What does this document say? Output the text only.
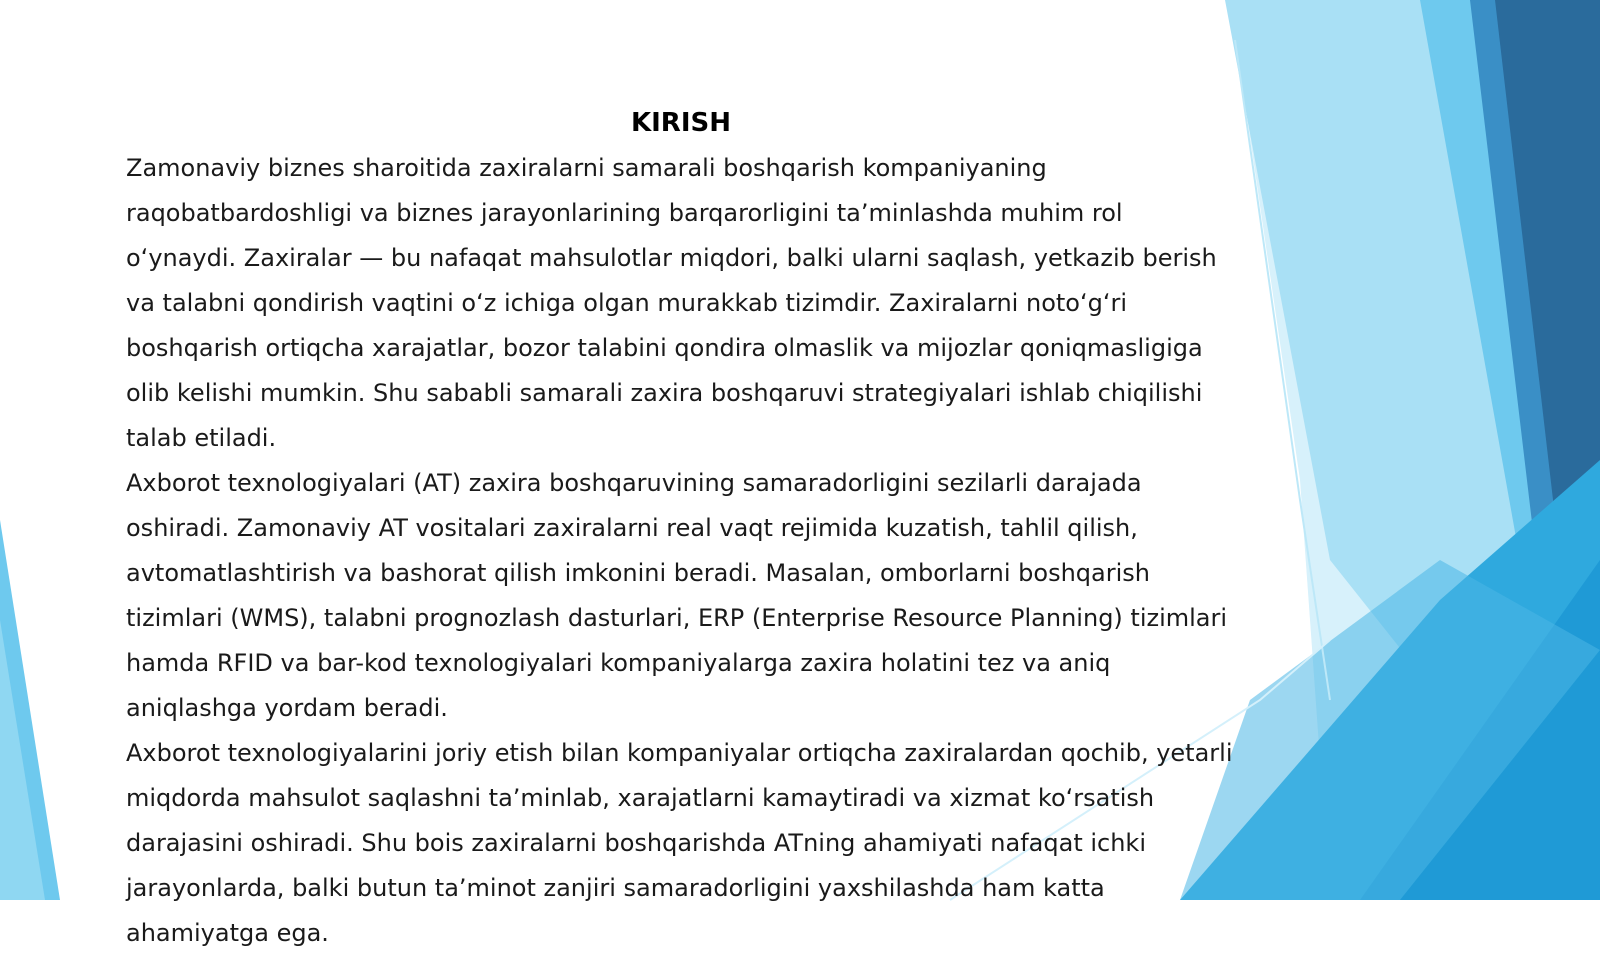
KIRISH

Zamonaviy biznes sharoitida zaxiralarni samarali boshqarish kompaniyaning raqobatbardoshligi va biznes jarayonlarining barqarorligini taʼminlashda muhim rol oʻynaydi. Zaxiralar — bu nafaqat mahsulotlar miqdori, balki ularni saqlash, yetkazib berish va talabni qondirish vaqtini oʻz ichiga olgan murakkab tizimdir. Zaxiralarni notoʻgʻri boshqarish ortiqcha xarajatlar, bozor talabini qondira olmaslik va mijozlar qoniqmasligiga olib kelishi mumkin. Shu sababli samarali zaxira boshqaruvi strategiyalari ishlab chiqilishi talab etiladi.

Axborot texnologiyalari (AT) zaxira boshqaruvining samaradorligini sezilarli darajada oshiradi. Zamonaviy AT vositalari zaxiralarni real vaqt rejimida kuzatish, tahlil qilish, avtomatlashtirish va bashorat qilish imkonini beradi. Masalan, omborlarni boshqarish tizimlari (WMS), talabni prognozlash dasturlari, ERP (Enterprise Resource Planning) tizimlari hamda RFID va bar-kod texnologiyalari kompaniyalarga zaxira holatini tez va aniq aniqlashga yordam beradi.

Axborot texnologiyalarini joriy etish bilan kompaniyalar ortiqcha zaxiralardan qochib, yetarli miqdorda mahsulot saqlashni taʼminlab, xarajatlarni kamaytiradi va xizmat koʻrsatish darajasini oshiradi. Shu bois zaxiralarni boshqarishda ATning ahamiyati nafaqat ichki jarayonlarda, balki butun taʼminot zanjiri samaradorligini yaxshilashda ham katta ahamiyatga ega.
